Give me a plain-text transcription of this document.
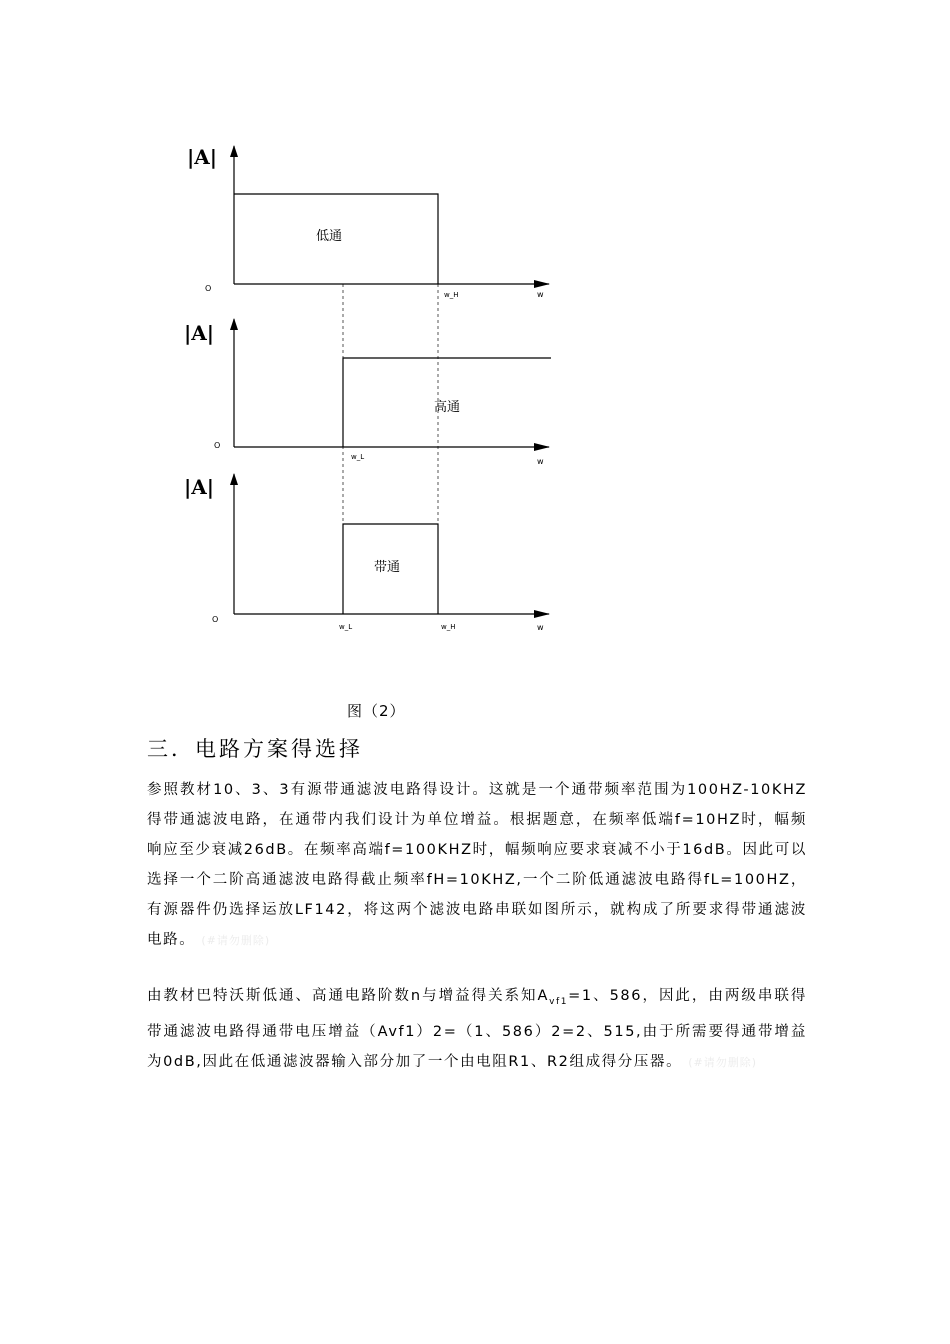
|A|
低通
O
w_H	w
|A|
高通
O
w_L	w
|A|
带通
O
w_L	w_H	w
图（2）
三．电路方案得选择
参照教材10、3、3有源带通滤波电路得设计。这就是一个通带频率范围为100HZ-10KHZ得带通滤波电路，在通带内我们设计为单位增益。根据题意，在频率低端f=10HZ时，幅频响应至少衰减26dB。在频率高端f=100KHZ时，幅频响应要求衰减不小于16dB。因此可以选择一个二阶高通滤波电路得截止频率fH=10KHZ,一个二阶低通滤波电路得fL=100HZ，有源器件仍选择运放LF142，将这两个滤波电路串联如图所示，就构成了所要求得带通滤波电路。 (#请勿删除)
由教材巴特沃斯低通、高通电路阶数n与增益得关系知$A_{vf1}=1$、586，因此，由两级串联得带通滤波电路得通带电压增益（Avf1）2=（1、586）2=2、515,由于所需要得通带增益为0dB,因此在低通滤波器输入部分加了一个由电阻R1、R2组成得分压器。 (#请勿删除)
